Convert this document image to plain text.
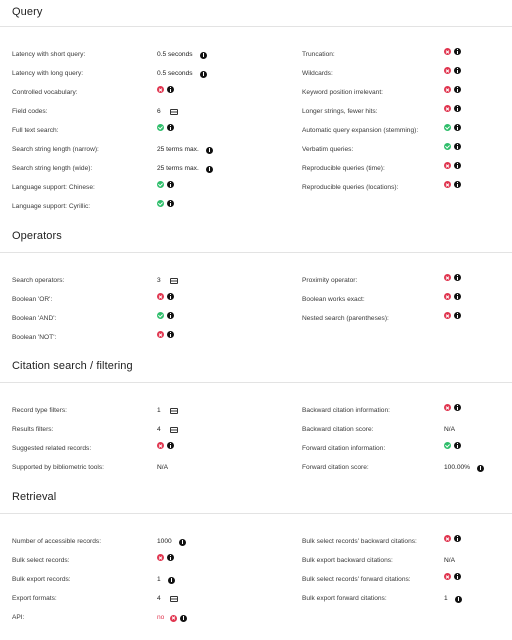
Query
Latency with short query:	0.5 seconds
Latency with long query:	0.5 seconds
Controlled vocabulary:
Field codes:	6
Full text search:
Search string length (narrow):	25 terms max.
Search string length (wide):	25 terms max.
Language support: Chinese:
Language support: Cyrillic:
Truncation:
Wildcards:
Keyword position irrelevant:
Longer strings, fewer hits:
Automatic query expansion (stemming):
Verbatim queries:
Reproducible queries (time):
Reproducible queries (locations):
Operators
Search operators:	3
Boolean 'OR':
Boolean 'AND':
Boolean 'NOT':
Proximity operator:
Boolean works exact:
Nested search (parentheses):
Citation search / filtering
Record type filters:	1
Results filters:	4
Suggested related records:
Supported by bibliometric tools:	N/A
Backward citation information:
Backward citation score:	N/A
Forward citation information:
Forward citation score:	100.00%
Retrieval
Number of accessible records:	1000
Bulk select records:
Bulk export records:	1
Export formats:	4
API:	no
Bulk select records' backward citations:
Bulk export backward citations:	N/A
Bulk select records' forward citations:
Bulk export forward citations:	1
